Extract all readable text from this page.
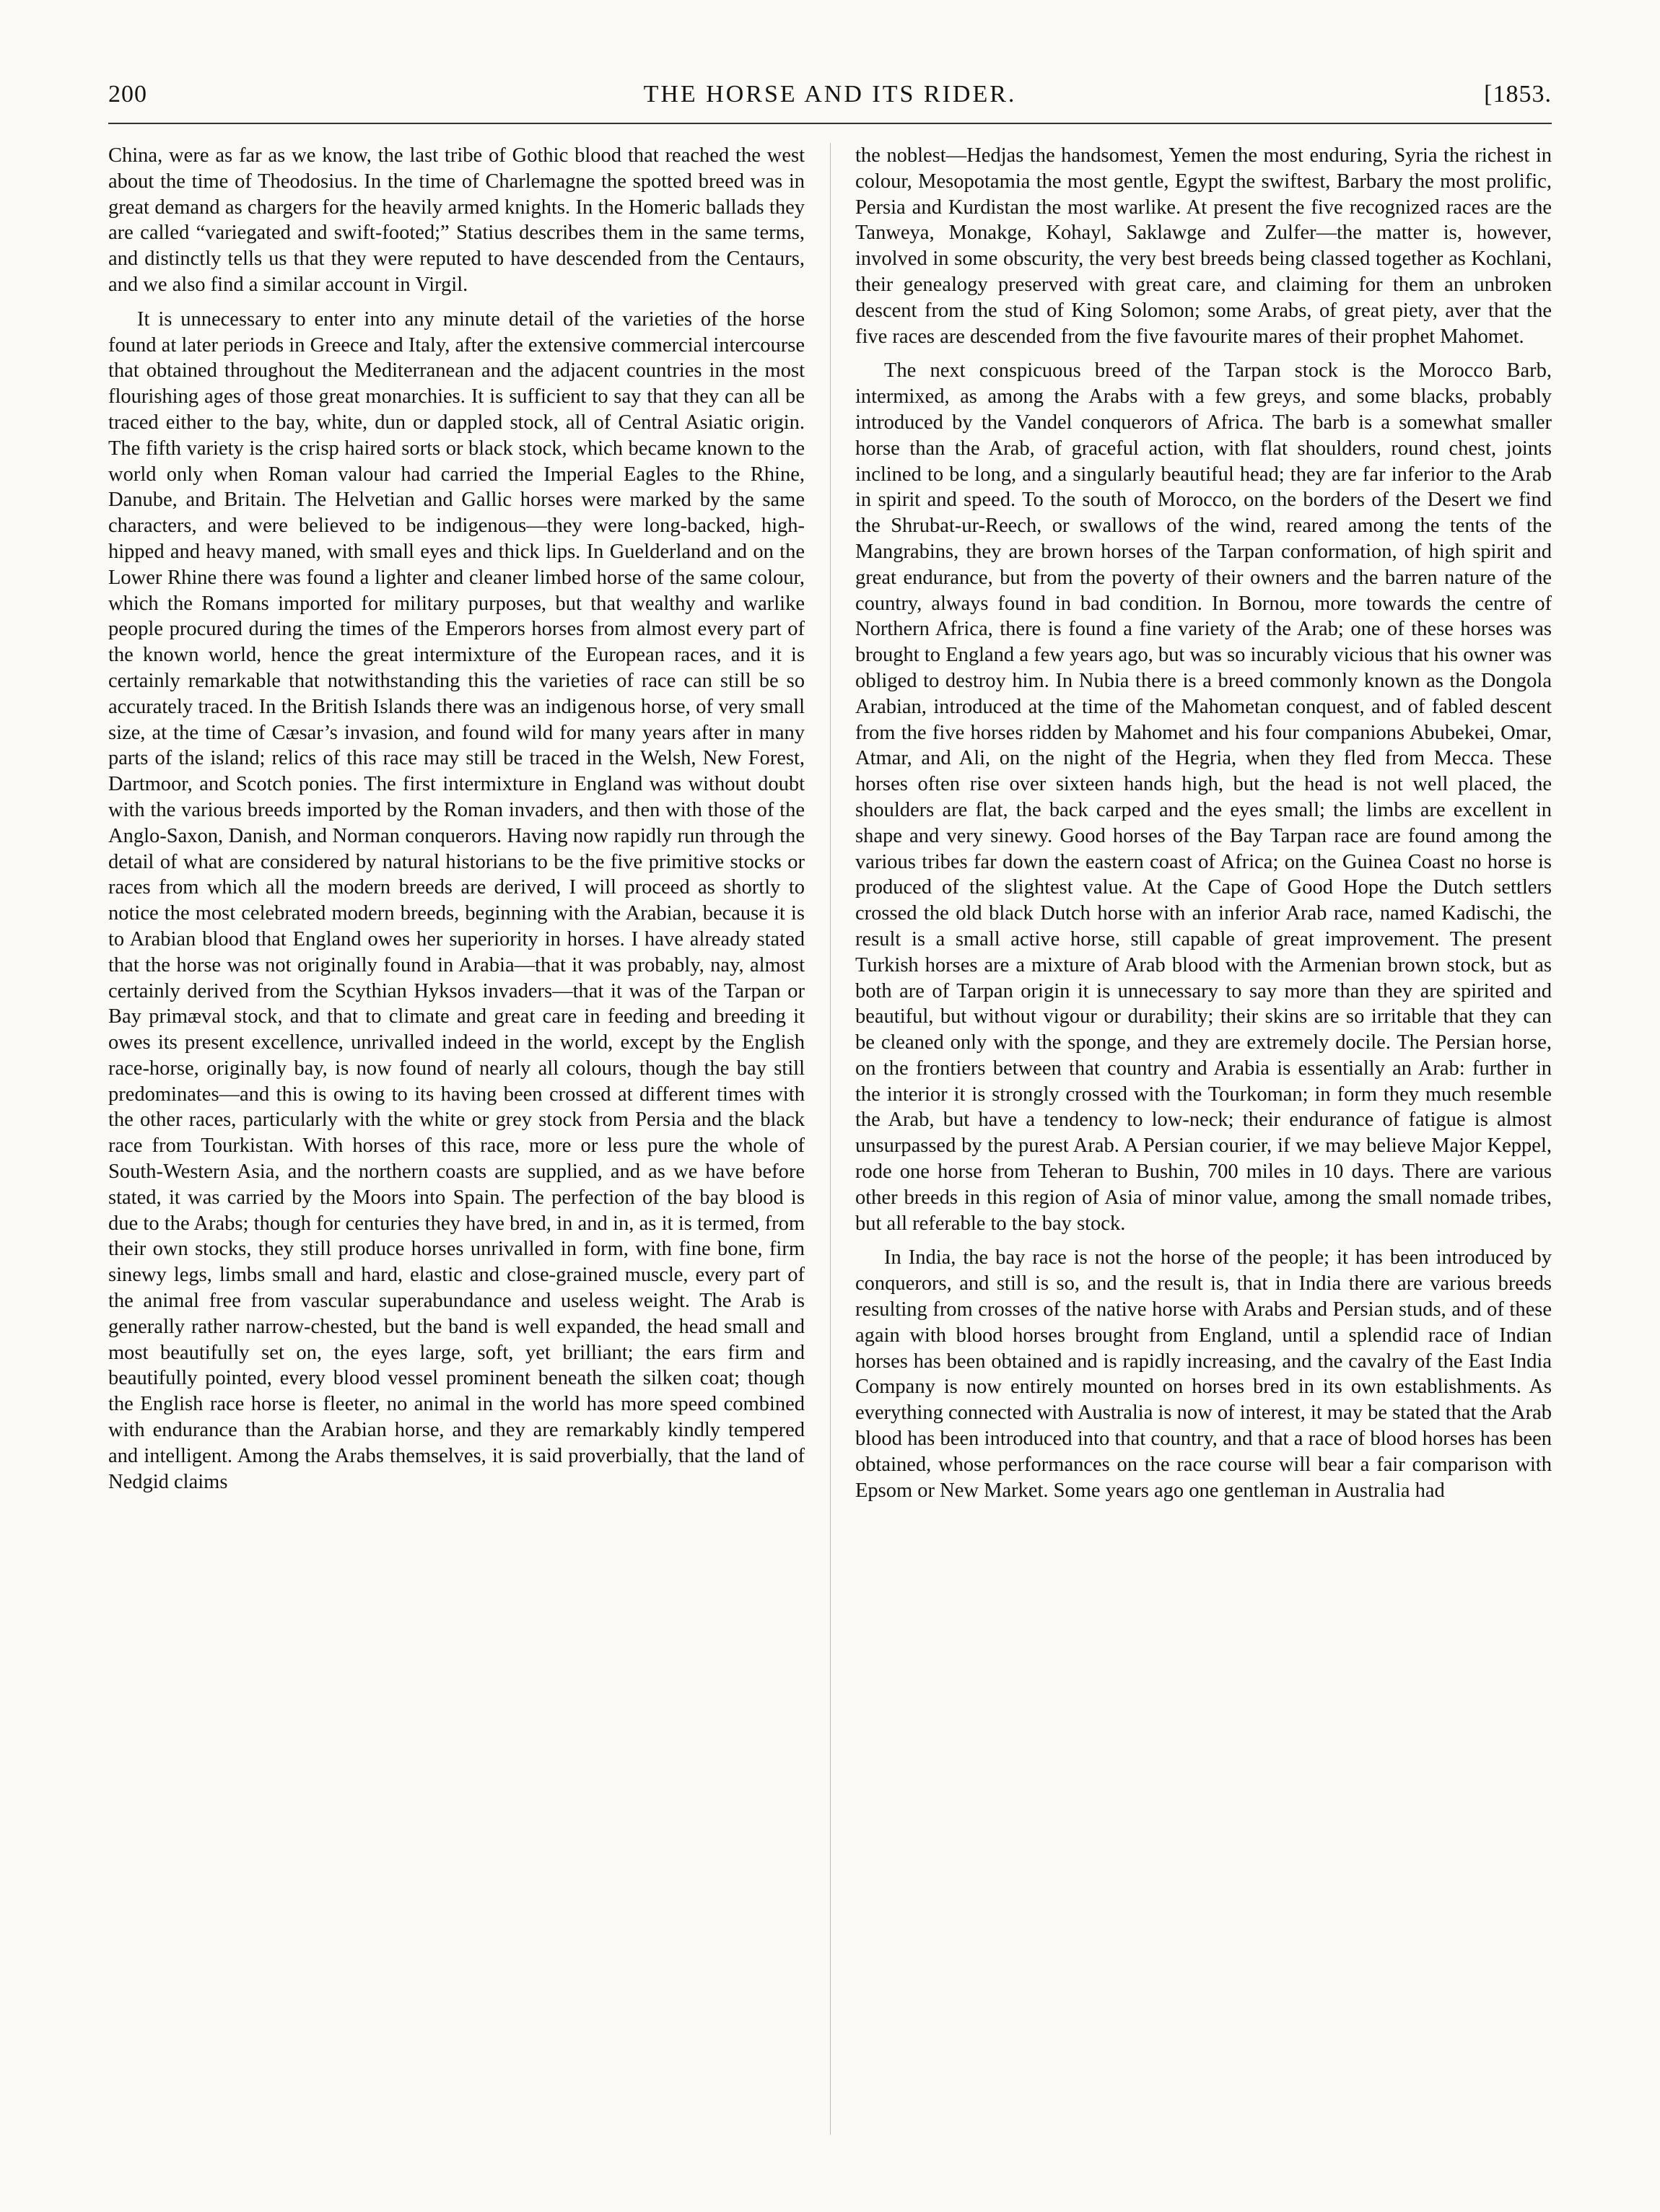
200	THE HORSE AND ITS RIDER.	[1853.

China, were as far as we know, the last tribe of Gothic blood that reached the west about the time of Theodosius. In the time of Charlemagne the spotted breed was in great demand as chargers for the heavily armed knights. In the Homeric ballads they are called “variegated and swift-footed;” Statius describes them in the same terms, and distinctly tells us that they were reputed to have descended from the Centaurs, and we also find a similar account in Virgil.

It is unnecessary to enter into any minute detail of the varieties of the horse found at later periods in Greece and Italy, after the extensive commercial intercourse that obtained throughout the Mediterranean and the adjacent countries in the most flourishing ages of those great monarchies. It is sufficient to say that they can all be traced either to the bay, white, dun or dappled stock, all of Central Asiatic origin. The fifth variety is the crisp haired sorts or black stock, which became known to the world only when Roman valour had carried the Imperial Eagles to the Rhine, Danube, and Britain. The Helvetian and Gallic horses were marked by the same characters, and were believed to be indigenous—they were long-backed, high-hipped and heavy maned, with small eyes and thick lips. In Guelderland and on the Lower Rhine there was found a lighter and cleaner limbed horse of the same colour, which the Romans imported for military purposes, but that wealthy and warlike people procured during the times of the Emperors horses from almost every part of the known world, hence the great intermixture of the European races, and it is certainly remarkable that notwithstanding this the varieties of race can still be so accurately traced. In the British Islands there was an indigenous horse, of very small size, at the time of Cæsar’s invasion, and found wild for many years after in many parts of the island; relics of this race may still be traced in the Welsh, New Forest, Dartmoor, and Scotch ponies. The first intermixture in England was without doubt with the various breeds imported by the Roman invaders, and then with those of the Anglo-Saxon, Danish, and Norman conquerors. Having now rapidly run through the detail of what are considered by natural historians to be the five primitive stocks or races from which all the modern breeds are derived, I will proceed as shortly to notice the most celebrated modern breeds, beginning with the Arabian, because it is to Arabian blood that England owes her superiority in horses. I have already stated that the horse was not originally found in Arabia—that it was probably, nay, almost certainly derived from the Scythian Hyksos invaders—that it was of the Tarpan or Bay primæval stock, and that to climate and great care in feeding and breeding it owes its present excellence, unrivalled indeed in the world, except by the English race-horse, originally bay, is now found of nearly all colours, though the bay still predominates—and this is owing to its having been crossed at different times with the other races, particularly with the white or grey stock from Persia and the black race from Tourkistan. With horses of this race, more or less pure the whole of South-Western Asia, and the northern coasts are supplied, and as we have before stated, it was carried by the Moors into Spain. The perfection of the bay blood is due to the Arabs; though for centuries they have bred, in and in, as it is termed, from their own stocks, they still produce horses unrivalled in form, with fine bone, firm sinewy legs, limbs small and hard, elastic and close-grained muscle, every part of the animal free from vascular superabundance and useless weight. The Arab is generally rather narrow-chested, but the band is well expanded, the head small and most beautifully set on, the eyes large, soft, yet brilliant; the ears firm and beautifully pointed, every blood vessel prominent beneath the silken coat; though the English race horse is fleeter, no animal in the world has more speed combined with endurance than the Arabian horse, and they are remarkably kindly tempered and intelligent. Among the Arabs themselves, it is said proverbially, that the land of Nedgid claims

the noblest—Hedjas the handsomest, Yemen the most enduring, Syria the richest in colour, Mesopotamia the most gentle, Egypt the swiftest, Barbary the most prolific, Persia and Kurdistan the most warlike. At present the five recognized races are the Tanweya, Monakge, Kohayl, Saklawge and Zulfer—the matter is, however, involved in some obscurity, the very best breeds being classed together as Kochlani, their genealogy preserved with great care, and claiming for them an unbroken descent from the stud of King Solomon; some Arabs, of great piety, aver that the five races are descended from the five favourite mares of their prophet Mahomet.

The next conspicuous breed of the Tarpan stock is the Morocco Barb, intermixed, as among the Arabs with a few greys, and some blacks, probably introduced by the Vandel conquerors of Africa. The barb is a somewhat smaller horse than the Arab, of graceful action, with flat shoulders, round chest, joints inclined to be long, and a singularly beautiful head; they are far inferior to the Arab in spirit and speed. To the south of Morocco, on the borders of the Desert we find the Shrubat-ur-Reech, or swallows of the wind, reared among the tents of the Mangrabins, they are brown horses of the Tarpan conformation, of high spirit and great endurance, but from the poverty of their owners and the barren nature of the country, always found in bad condition. In Bornou, more towards the centre of Northern Africa, there is found a fine variety of the Arab; one of these horses was brought to England a few years ago, but was so incurably vicious that his owner was obliged to destroy him. In Nubia there is a breed commonly known as the Dongola Arabian, introduced at the time of the Mahometan conquest, and of fabled descent from the five horses ridden by Mahomet and his four companions Abubekei, Omar, Atmar, and Ali, on the night of the Hegria, when they fled from Mecca. These horses often rise over sixteen hands high, but the head is not well placed, the shoulders are flat, the back carped and the eyes small; the limbs are excellent in shape and very sinewy. Good horses of the Bay Tarpan race are found among the various tribes far down the eastern coast of Africa; on the Guinea Coast no horse is produced of the slightest value. At the Cape of Good Hope the Dutch settlers crossed the old black Dutch horse with an inferior Arab race, named Kadischi, the result is a small active horse, still capable of great improvement. The present Turkish horses are a mixture of Arab blood with the Armenian brown stock, but as both are of Tarpan origin it is unnecessary to say more than they are spirited and beautiful, but without vigour or durability; their skins are so irritable that they can be cleaned only with the sponge, and they are extremely docile. The Persian horse, on the frontiers between that country and Arabia is essentially an Arab: further in the interior it is strongly crossed with the Tourkoman; in form they much resemble the Arab, but have a tendency to low-neck; their endurance of fatigue is almost unsurpassed by the purest Arab. A Persian courier, if we may believe Major Keppel, rode one horse from Teheran to Bushin, 700 miles in 10 days. There are various other breeds in this region of Asia of minor value, among the small nomade tribes, but all referable to the bay stock.

In India, the bay race is not the horse of the people; it has been introduced by conquerors, and still is so, and the result is, that in India there are various breeds resulting from crosses of the native horse with Arabs and Persian studs, and of these again with blood horses brought from England, until a splendid race of Indian horses has been obtained and is rapidly increasing, and the cavalry of the East India Company is now entirely mounted on horses bred in its own establishments. As everything connected with Australia is now of interest, it may be stated that the Arab blood has been introduced into that country, and that a race of blood horses has been obtained, whose performances on the race course will bear a fair comparison with Epsom or New Market. Some years ago one gentleman in Australia had
